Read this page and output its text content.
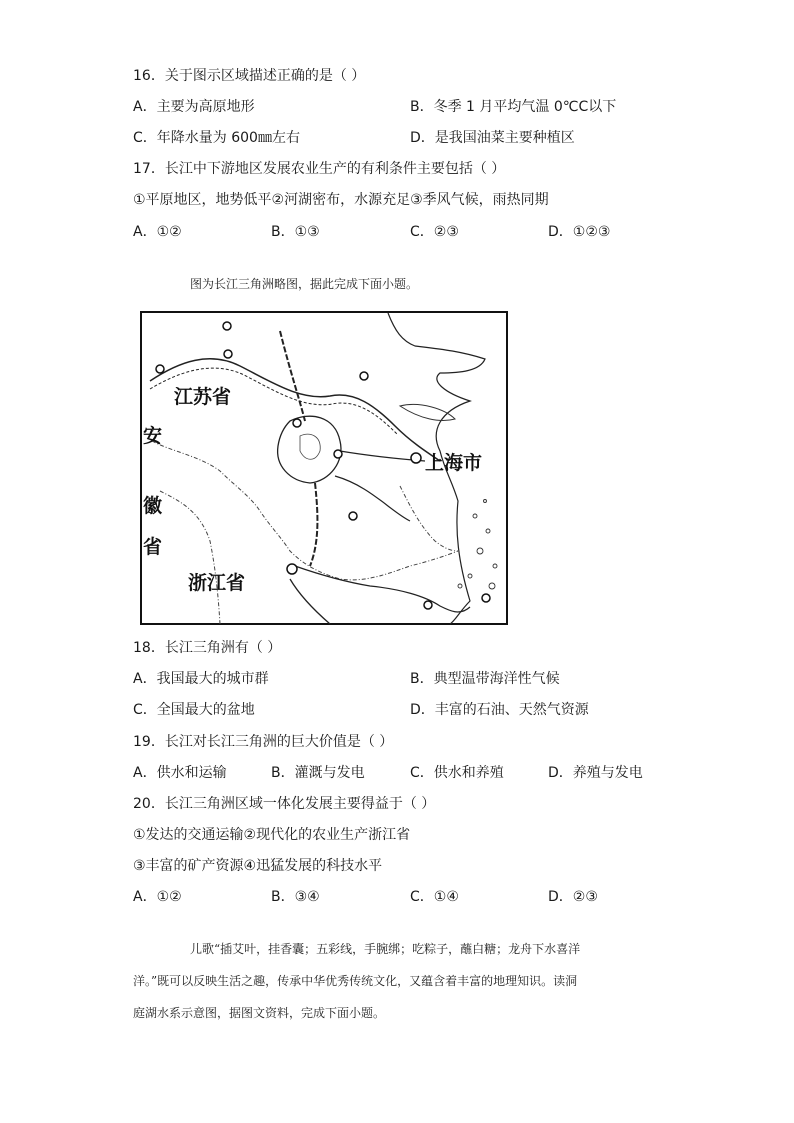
16．关于图示区域描述正确的是（ ）
A．主要为高原地形	B．冬季 1 月平均气温 0℃C以下
C．年降水量为 600㎜左右	D．是我国油菜主要种植区
17．长江中下游地区发展农业生产的有利条件主要包括（ ）
①平原地区，地势低平②河湖密布，水源充足③季风气候，雨热同期
A．①②	B．①③	C．②③	D．①②③
图为长江三角洲略图，据此完成下面小题。
江苏省
上海市
安
徽
省
浙江省
18．长江三角洲有（ ）
A．我国最大的城市群	B．典型温带海洋性气候
C．全国最大的盆地	D．丰富的石油、天然气资源
19．长江对长江三角洲的巨大价值是（ ）
A．供水和运输	B．灌溉与发电	C．供水和养殖	D．养殖与发电
20．长江三角洲区域一体化发展主要得益于（ ）
①发达的交通运输②现代化的农业生产浙江省
③丰富的矿产资源④迅猛发展的科技水平
A．①②	B．③④	C．①④	D．②③
儿歌“插艾叶，挂香囊；五彩线，手腕绑；吃粽子，蘸白糖；龙舟下水喜洋
洋。”既可以反映生活之趣，传承中华优秀传统文化，又蕴含着丰富的地理知识。读洞
庭湖水系示意图，据图文资料，完成下面小题。
